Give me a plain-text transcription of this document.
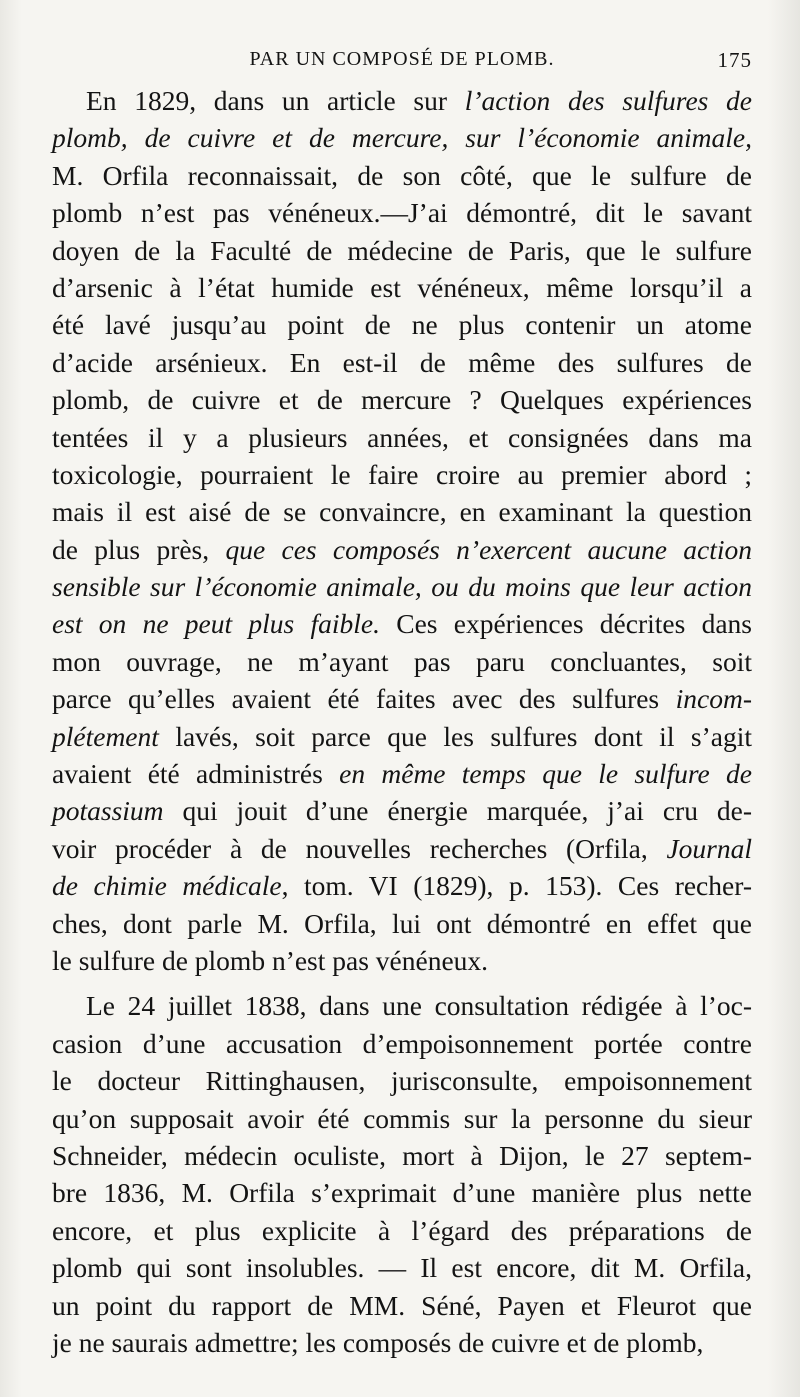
PAR UN COMPOSÉ DE PLOMB.	175
En 1829, dans un article sur l’action des sulfures de
plomb, de cuivre et de mercure, sur l’économie animale,
M. Orfila reconnaissait, de son côté, que le sulfure de
plomb n’est pas vénéneux.—J’ai démontré, dit le savant
doyen de la Faculté de médecine de Paris, que le sulfure
d’arsenic à l’état humide est vénéneux, même lorsqu’il a
été lavé jusqu’au point de ne plus contenir un atome
d’acide arsénieux. En est-il de même des sulfures de
plomb, de cuivre et de mercure ? Quelques expériences
tentées il y a plusieurs années, et consignées dans ma
toxicologie, pourraient le faire croire au premier abord ;
mais il est aisé de se convaincre, en examinant la question
de plus près, que ces composés n’exercent aucune action
sensible sur l’économie animale, ou du moins que leur action
est on ne peut plus faible. Ces expériences décrites dans
mon ouvrage, ne m’ayant pas paru concluantes, soit
parce qu’elles avaient été faites avec des sulfures incom-
plétement lavés, soit parce que les sulfures dont il s’agit
avaient été administrés en même temps que le sulfure de
potassium qui jouit d’une énergie marquée, j’ai cru de-
voir procéder à de nouvelles recherches (Orfila, Journal
de chimie médicale, tom. VI (1829), p. 153). Ces recher-
ches, dont parle M. Orfila, lui ont démontré en effet que
le sulfure de plomb n’est pas vénéneux.
Le 24 juillet 1838, dans une consultation rédigée à l’oc-
casion d’une accusation d’empoisonnement portée contre
le docteur Rittinghausen, jurisconsulte, empoisonnement
qu’on supposait avoir été commis sur la personne du sieur
Schneider, médecin oculiste, mort à Dijon, le 27 septem-
bre 1836, M. Orfila s’exprimait d’une manière plus nette
encore, et plus explicite à l’égard des préparations de
plomb qui sont insolubles. — Il est encore, dit M. Orfila,
un point du rapport de MM. Séné, Payen et Fleurot que
je ne saurais admettre; les composés de cuivre et de plomb,
